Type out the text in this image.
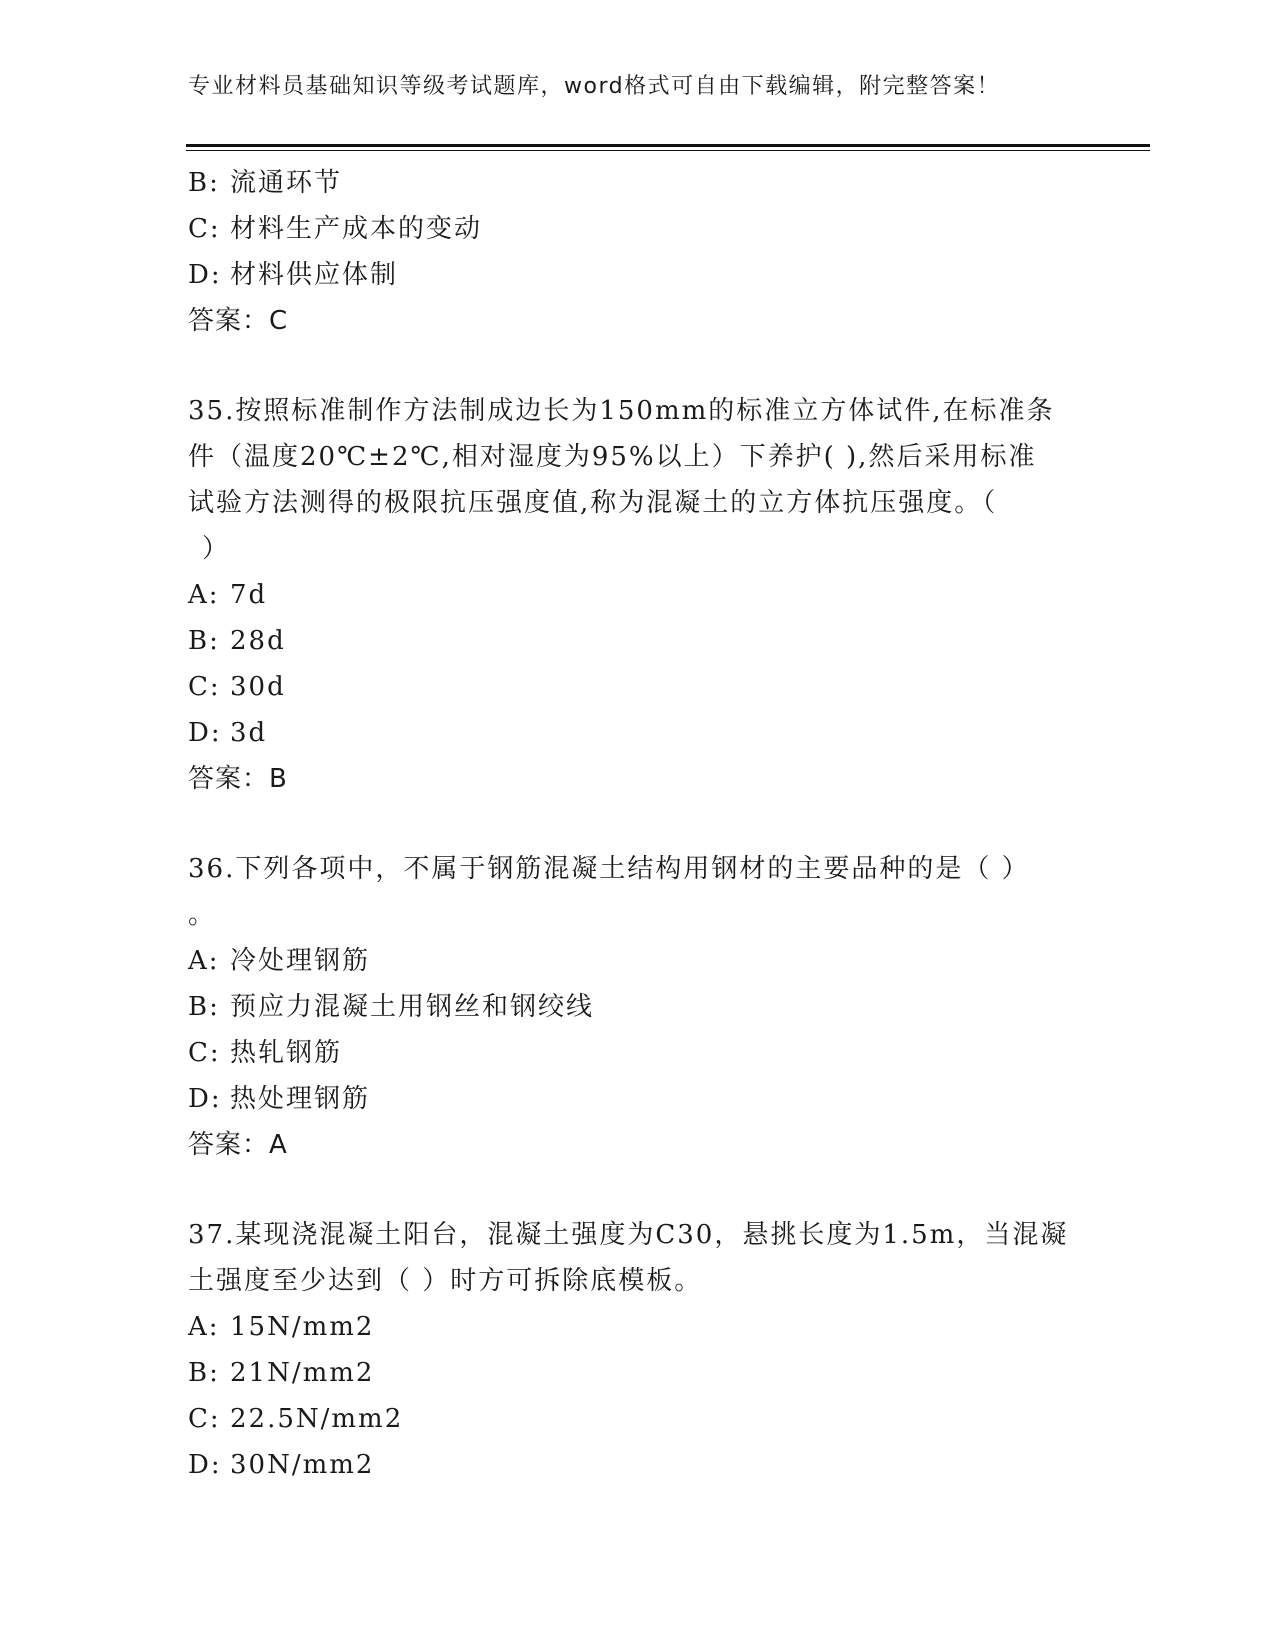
专业材料员基础知识等级考试题库，word格式可自由下载编辑，附完整答案！
B: 流通环节
C: 材料生产成本的变动
D: 材料供应体制
答案：C
35.按照标准制作方法制成边长为150mm的标准立方体试件,在标准条
件（温度20℃±2℃,相对湿度为95%以上）下养护( ),然后采用标准
试验方法测得的极限抗压强度值,称为混凝土的立方体抗压强度。（
）
A: 7d
B: 28d
C: 30d
D: 3d
答案：B
36.下列各项中，不属于钢筋混凝土结构用钢材的主要品种的是（ ）
。
A: 冷处理钢筋
B: 预应力混凝土用钢丝和钢绞线
C: 热轧钢筋
D: 热处理钢筋
答案：A
37.某现浇混凝土阳台，混凝土强度为C30，悬挑长度为1.5m，当混凝
土强度至少达到（ ）时方可拆除底模板。
A: 15N/mm2
B: 21N/mm2
C: 22.5N/mm2
D: 30N/mm2
